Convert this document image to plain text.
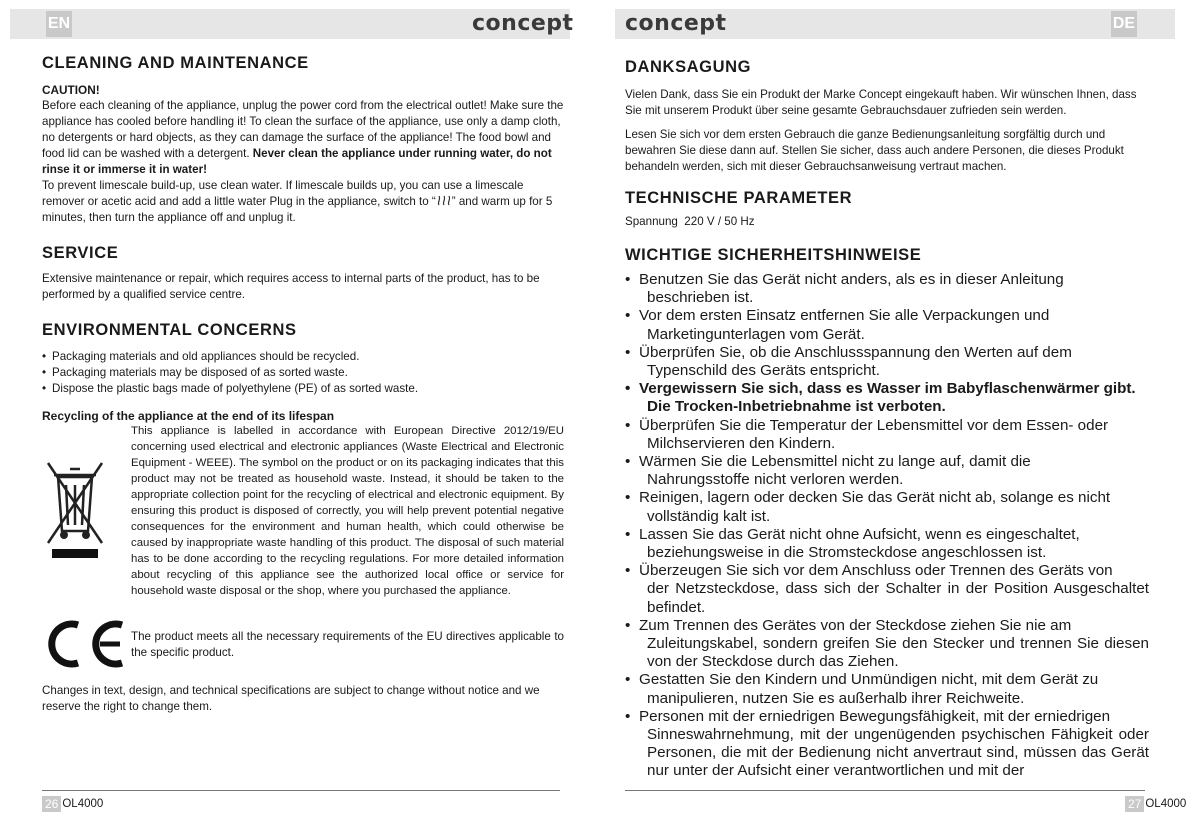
EN	concept
CLEANING AND MAINTENANCE
CAUTION!

Before each cleaning of the appliance, unplug the power cord from the electrical outlet! Make sure the appliance has cooled before handling it! To clean the surface of the appliance, use only a damp cloth, no detergents or hard objects, as they can damage the surface of the appliance! The food bowl and food lid can be washed with a detergent. Never clean the appliance under running water, do not rinse it or immerse it in water!

To prevent limescale build-up, use clean water. If limescale builds up, you can use a limescale remover or acetic acid and add a little water Plug in the appliance, switch to “ ” and warm up for 5 minutes, then turn the appliance off and unplug it.

SERVICE

Extensive maintenance or repair, which requires access to internal parts of the product, has to be performed by a qualified service centre.

ENVIRONMENTAL CONCERNS
• Packaging materials and old appliances should be recycled.
• Packaging materials may be disposed of as sorted waste.
• Dispose the plastic bags made of polyethylene (PE) of as sorted waste.
Recycling of the appliance at the end of its lifespan

This appliance is labelled in accordance with European Directive 2012/19/EU concerning used electrical and electronic appliances (Waste Electrical and Electronic Equipment - WEEE). The symbol on the product or on its packaging indicates that this product may not be treated as household waste. Instead, it should be taken to the appropriate collection point for the recycling of electrical and electronic equipment. By ensuring this product is disposed of correctly, you will help prevent potential negative consequences for the environment and human health, which could otherwise be caused by inappropriate waste handling of this product. The disposal of such material has to be done according to the recycling regulations. For more detailed information about recycling of this appliance see the authorized local office or service for household waste disposal or the shop, where you purchased the appliance.

The product meets all the necessary requirements of the EU directives applicable to the specific product.

Changes in text, design, and technical specifications are subject to change without notice and we reserve the right to change them.

26 OL4000
DE
concept
DANKSAGUNG

Vielen Dank, dass Sie ein Produkt der Marke Concept eingekauft haben. Wir wünschen Ihnen, dass Sie mit unserem Produkt über seine gesamte Gebrauchsdauer zufrieden sein werden.

Lesen Sie sich vor dem ersten Gebrauch die ganze Bedienungsanleitung sorgfältig durch und bewahren Sie diese dann auf. Stellen Sie sicher, dass auch andere Personen, die dieses Produkt behandeln werden, sich mit dieser Gebrauchsanweisung vertraut machen.

TECHNISCHE PARAMETER

Spannung  220 V / 50 Hz

WICHTIGE SICHERHEITSHINWEISE
• Benutzen Sie das Gerät nicht anders, als es in dieser Anleitung
beschrieben ist.
• Vor dem ersten Einsatz entfernen Sie alle Verpackungen und
Marketingunterlagen vom Gerät.
• Überprüfen Sie, ob die Anschlussspannung den Werten auf dem
Typenschild des Geräts entspricht.
• Vergewissern Sie sich, dass es Wasser im Babyflaschenwärmer gibt.
Die Trocken-Inbetriebnahme ist verboten.
• Überprüfen Sie die Temperatur der Lebensmittel vor dem Essen- oder
Milchservieren den Kindern.
• Wärmen Sie die Lebensmittel nicht zu lange auf, damit die
Nahrungsstoffe nicht verloren werden.
• Reinigen, lagern oder decken Sie das Gerät nicht ab, solange es nicht
vollständig kalt ist.
• Lassen Sie das Gerät nicht ohne Aufsicht, wenn es eingeschaltet,
beziehungsweise in die Stromsteckdose angeschlossen ist.
• Überzeugen Sie sich vor dem Anschluss oder Trennen des Geräts von
der Netzsteckdose, dass sich der Schalter in der Position Ausgeschaltet befindet.
• Zum Trennen des Gerätes von der Steckdose ziehen Sie nie am
Zuleitungskabel, sondern greifen Sie den Stecker und trennen Sie diesen von der Steckdose durch das Ziehen.
• Gestatten Sie den Kindern und Unmündigen nicht, mit dem Gerät zu
manipulieren, nutzen Sie es außerhalb ihrer Reichweite.
• Personen mit der erniedrigen Bewegungsfähigkeit, mit der erniedrigen
Sinneswahrnehmung, mit der ungenügenden psychischen Fähigkeit oder Personen, die mit der Bedienung nicht anvertraut sind, müssen das Gerät nur unter der Aufsicht einer verantwortlichen und mit der
27 OL4000
